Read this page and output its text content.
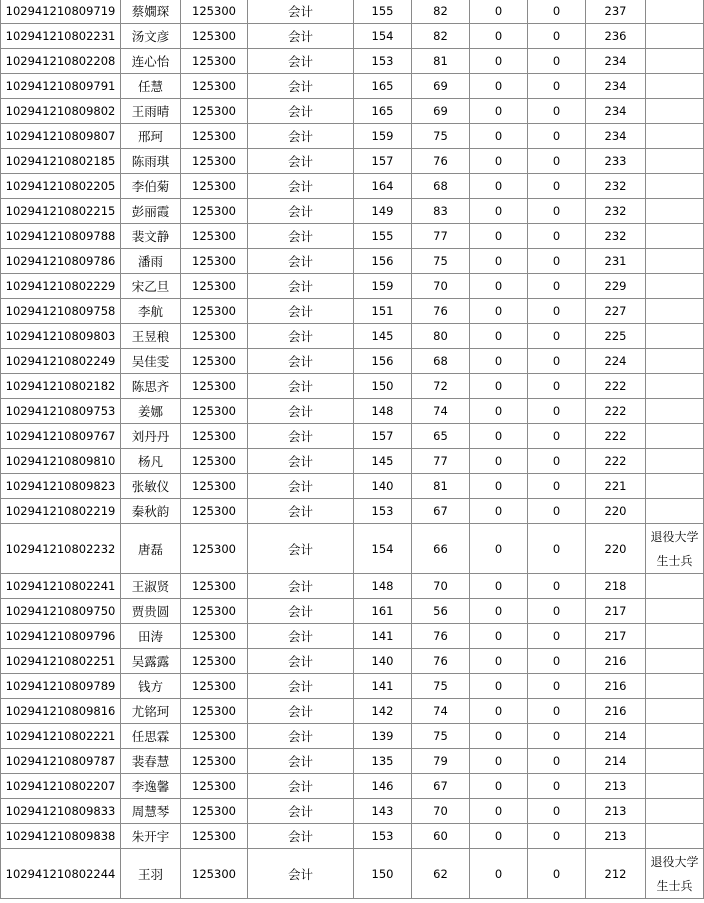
102941210809719	蔡嫺琛	125300	会计	155	82	0	0	237	
102941210802231	汤文彦	125300	会计	154	82	0	0	236	
102941210802208	连心怡	125300	会计	153	81	0	0	234	
102941210809791	任慧	125300	会计	165	69	0	0	234	
102941210809802	王雨晴	125300	会计	165	69	0	0	234	
102941210809807	邢珂	125300	会计	159	75	0	0	234	
102941210802185	陈雨琪	125300	会计	157	76	0	0	233	
102941210802205	李伯菊	125300	会计	164	68	0	0	232	
102941210802215	彭丽霞	125300	会计	149	83	0	0	232	
102941210809788	裴文静	125300	会计	155	77	0	0	232	
102941210809786	潘雨	125300	会计	156	75	0	0	231	
102941210802229	宋乙旦	125300	会计	159	70	0	0	229	
102941210809758	李航	125300	会计	151	76	0	0	227	
102941210809803	王昱稂	125300	会计	145	80	0	0	225	
102941210802249	吴佳雯	125300	会计	156	68	0	0	224	
102941210802182	陈思齐	125300	会计	150	72	0	0	222	
102941210809753	姜娜	125300	会计	148	74	0	0	222	
102941210809767	刘丹丹	125300	会计	157	65	0	0	222	
102941210809810	杨凡	125300	会计	145	77	0	0	222	
102941210809823	张敏仪	125300	会计	140	81	0	0	221	
102941210802219	秦秋韵	125300	会计	153	67	0	0	220	
102941210802232	唐磊	125300	会计	154	66	0	0	220	退役大学生士兵
102941210802241	王淑贤	125300	会计	148	70	0	0	218	
102941210809750	贾贵圆	125300	会计	161	56	0	0	217	
102941210809796	田涛	125300	会计	141	76	0	0	217	
102941210802251	吴露露	125300	会计	140	76	0	0	216	
102941210809789	钱方	125300	会计	141	75	0	0	216	
102941210809816	尤铭珂	125300	会计	142	74	0	0	216	
102941210802221	任思霖	125300	会计	139	75	0	0	214	
102941210809787	裴春慧	125300	会计	135	79	0	0	214	
102941210802207	李逸馨	125300	会计	146	67	0	0	213	
102941210809833	周慧琴	125300	会计	143	70	0	0	213	
102941210809838	朱开宇	125300	会计	153	60	0	0	213	
102941210802244	王羽	125300	会计	150	62	0	0	212	退役大学生士兵
